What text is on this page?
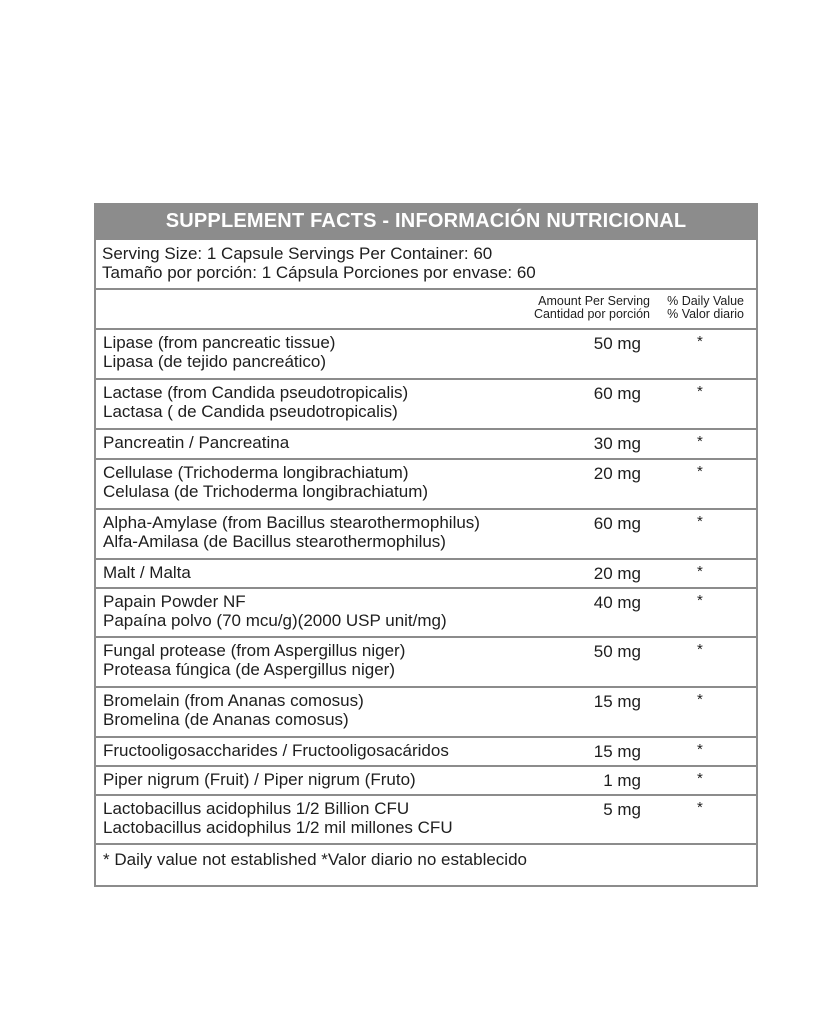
SUPPLEMENT FACTS - INFORMACIÓN NUTRICIONAL
Serving Size: 1 Capsule Servings Per Container: 60
Tamaño por porción: 1 Cápsula Porciones por envase: 60
Amount Per Serving
Cantidad por porción
% Daily Value
% Valor diario
Lipase (from pancreatic tissue)
Lipasa (de tejido pancreático)
50 mg	*
Lactase (from Candida pseudotropicalis)
Lactasa ( de Candida pseudotropicalis)
60 mg	*
Pancreatin / Pancreatina	30 mg	*
Cellulase (Trichoderma longibrachiatum)
Celulasa (de Trichoderma longibrachiatum)
20 mg	*
Alpha-Amylase (from Bacillus stearothermophilus)
Alfa-Amilasa (de Bacillus stearothermophilus)
60 mg	*
Malt / Malta	20 mg	*
Papain Powder NF
Papaína polvo (70 mcu/g)(2000 USP unit/mg)
40 mg	*
Fungal protease (from Aspergillus niger)
Proteasa fúngica (de Aspergillus niger)
50 mg	*
Bromelain (from Ananas comosus)
Bromelina (de Ananas comosus)
15 mg	*
Fructooligosaccharides / Fructooligosacáridos	15 mg	*
Piper nigrum (Fruit) / Piper nigrum (Fruto)	1 mg	*
Lactobacillus acidophilus 1/2 Billion CFU
Lactobacillus acidophilus 1/2 mil millones CFU
5 mg	*
* Daily value not established *Valor diario no establecido
